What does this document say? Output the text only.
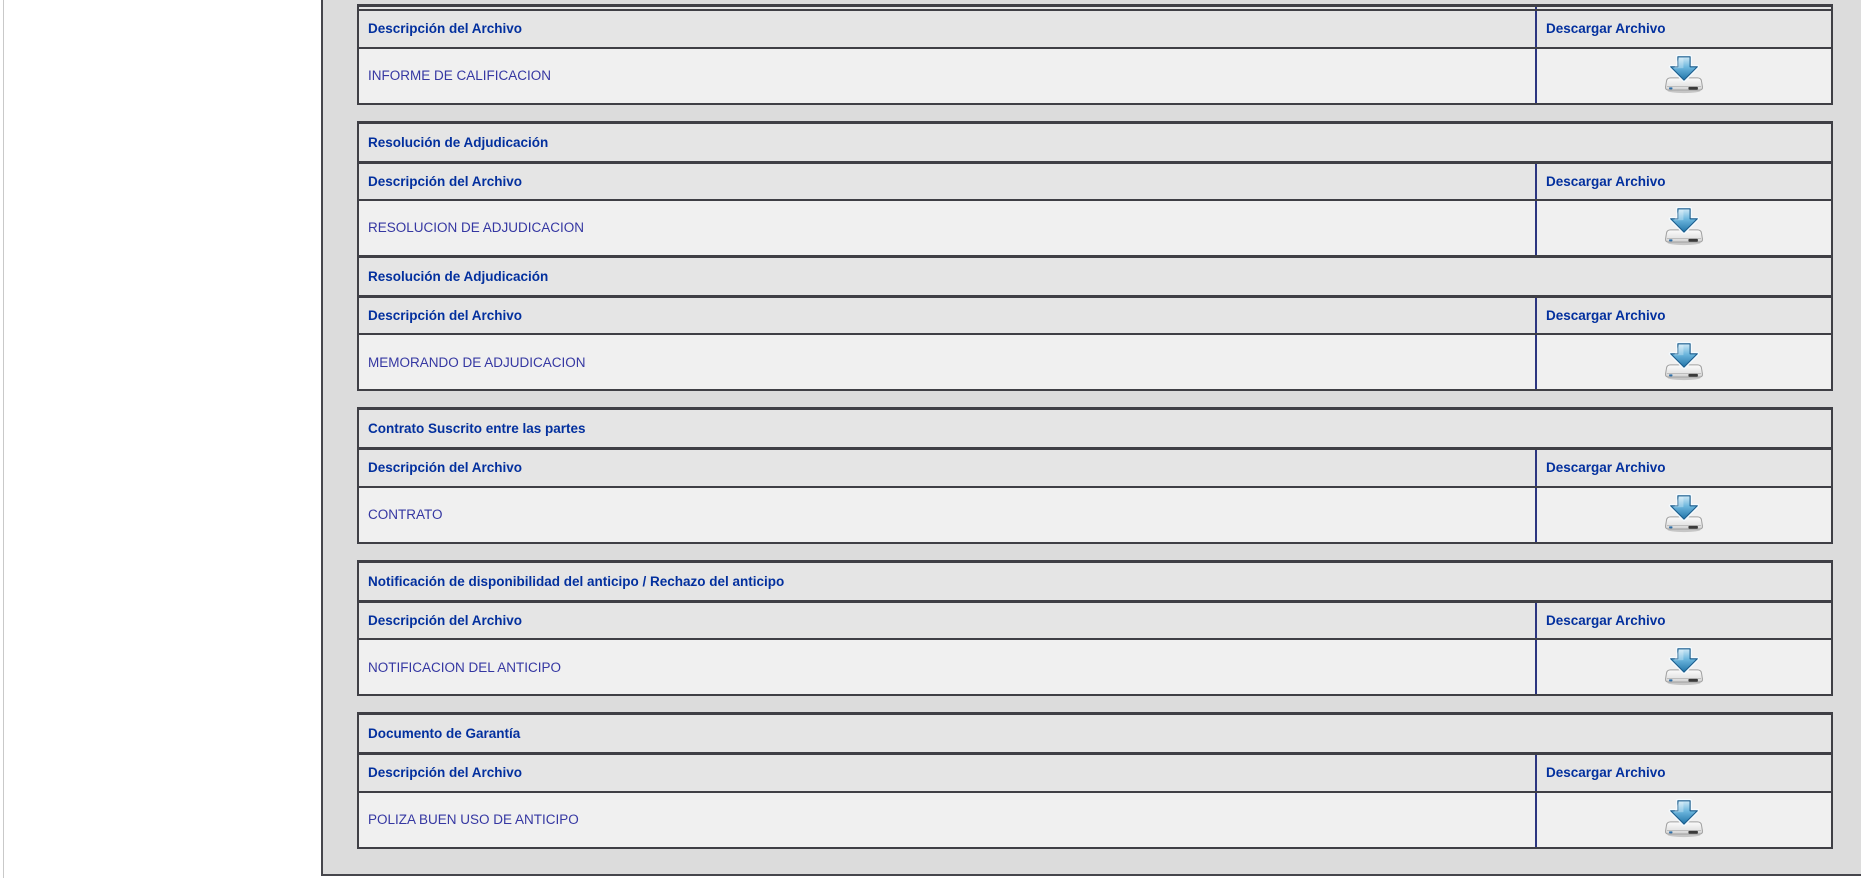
Descripción del Archivo	Descargar Archivo
INFORME DE CALIFICACION	
Resolución de Adjudicación	
Descripción del Archivo	Descargar Archivo
RESOLUCION DE ADJUDICACION	
Resolución de Adjudicación	
Descripción del Archivo	Descargar Archivo
MEMORANDO DE ADJUDICACION	
Contrato Suscrito entre las partes	
Descripción del Archivo	Descargar Archivo
CONTRATO	
Notificación de disponibilidad del anticipo / Rechazo del anticipo	
Descripción del Archivo	Descargar Archivo
NOTIFICACION DEL ANTICIPO	
Documento de Garantía	
Descripción del Archivo	Descargar Archivo
POLIZA BUEN USO DE ANTICIPO	
